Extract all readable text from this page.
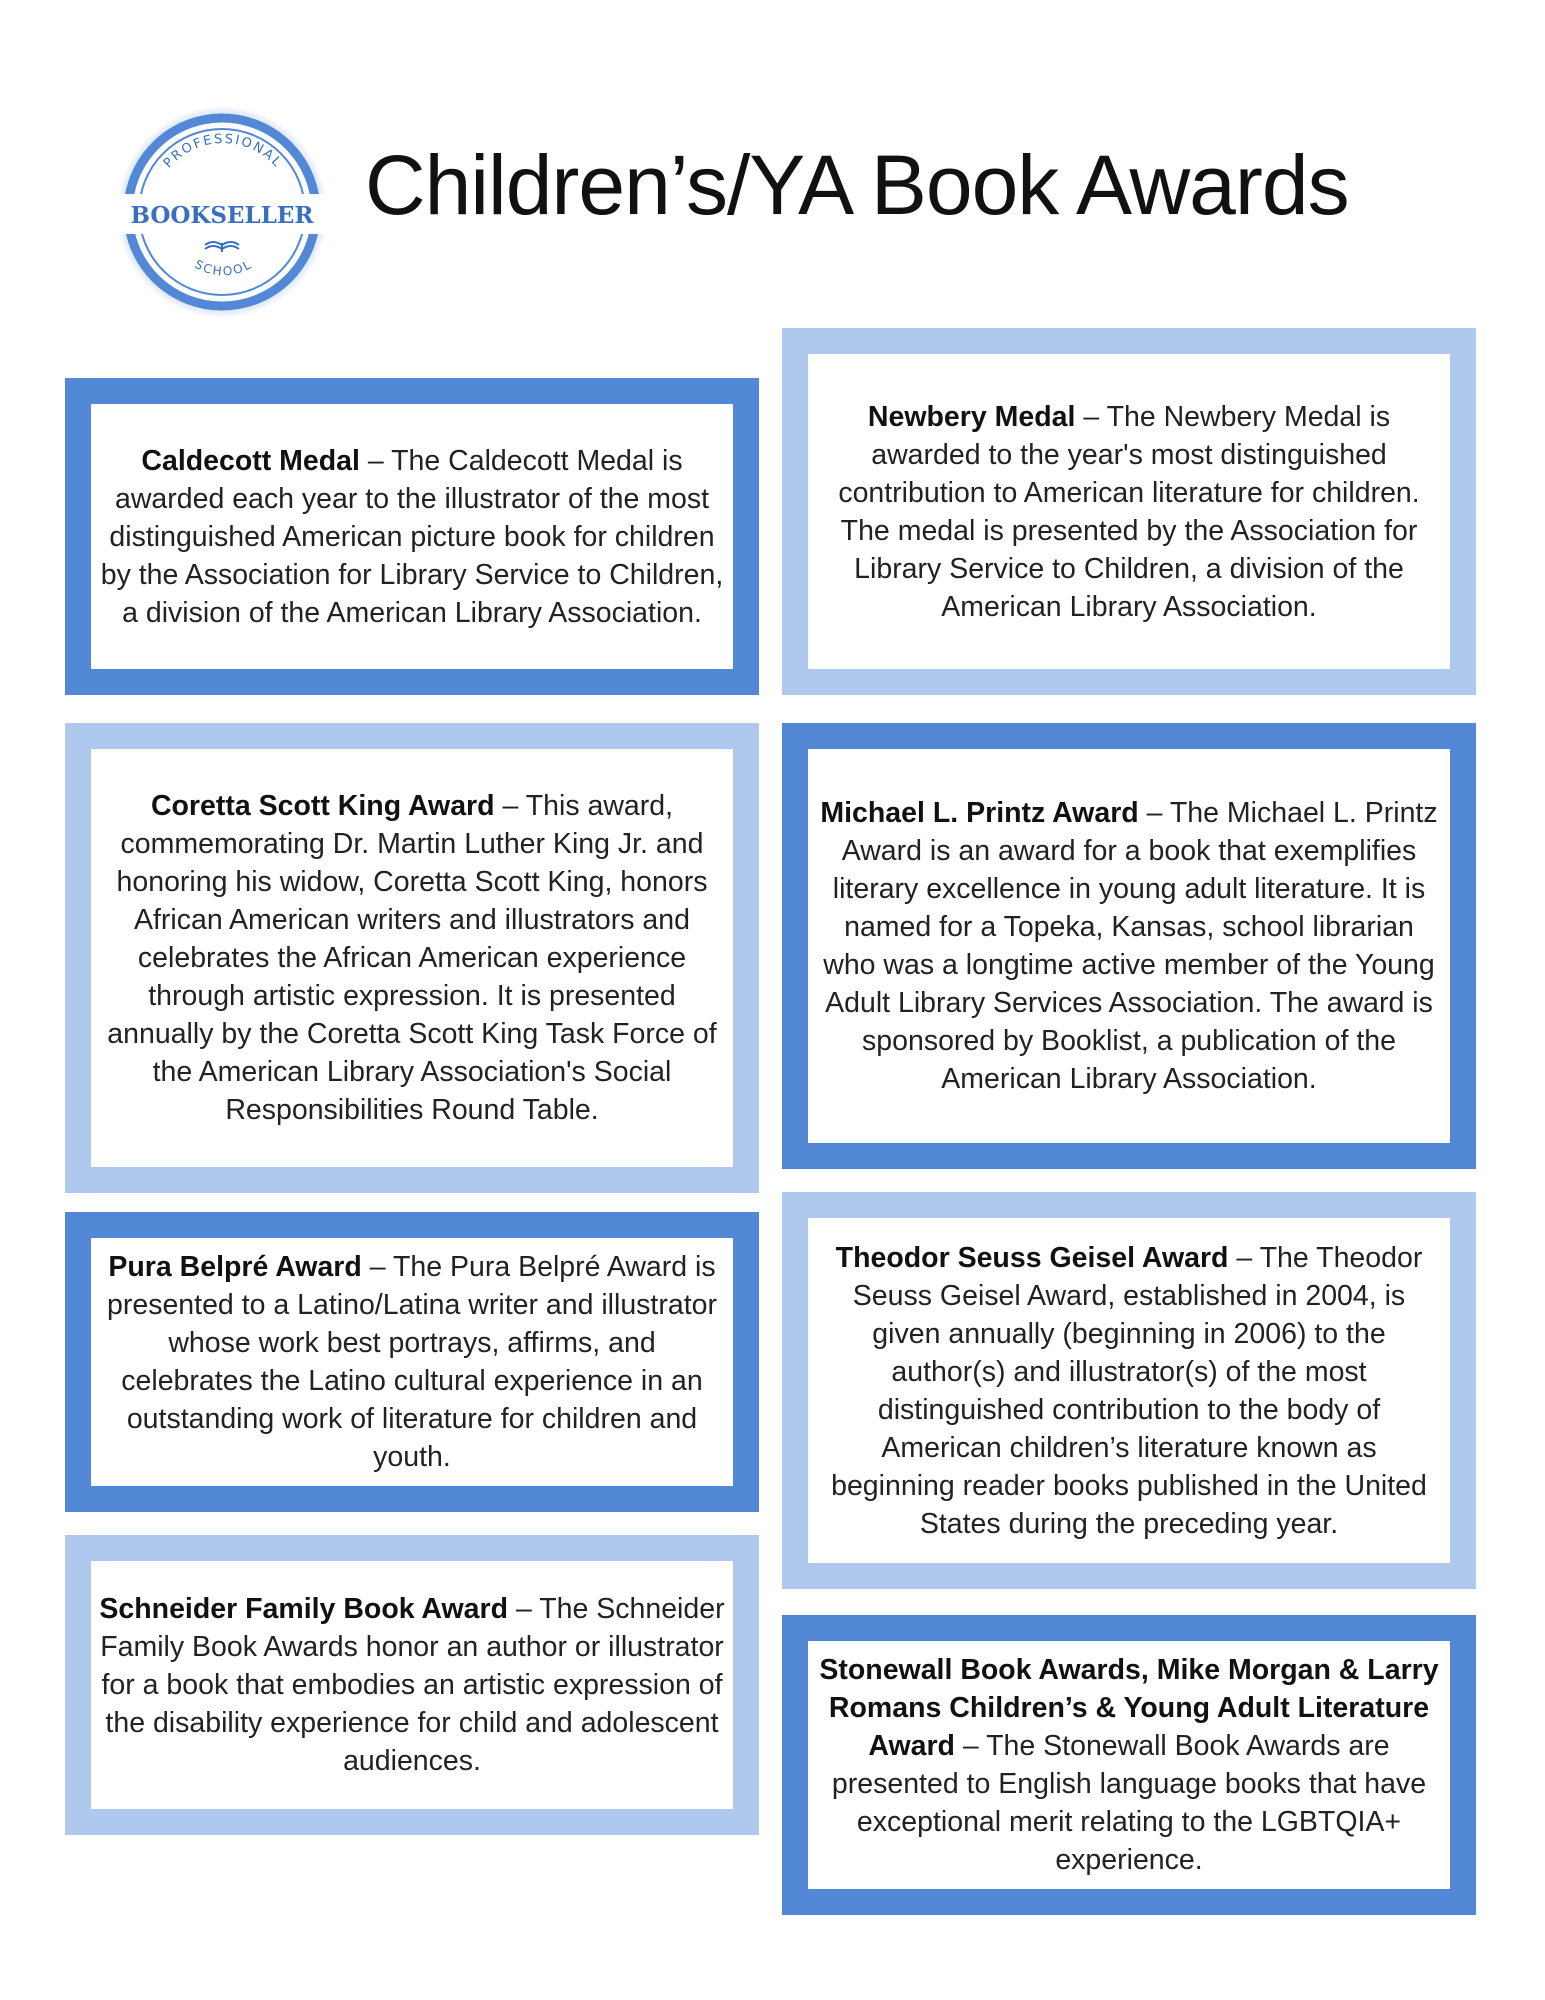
PROFESSIONAL
BOOKSELLER
SCHOOL
Children’s/YA Book Awards

Caldecott Medal – The Caldecott Medal is awarded each year to the illustrator of the most distinguished American picture book for children by the Association for Library Service to Children, a division of the American Library Association.

Coretta Scott King Award – This award, commemorating Dr. Martin Luther King Jr. and honoring his widow, Coretta Scott King, honors African American writers and illustrators and celebrates the African American experience through artistic expression. It is presented annually by the Coretta Scott King Task Force of the American Library Association's Social Responsibilities Round Table.

Pura Belpré Award – The Pura Belpré Award is presented to a Latino/Latina writer and illustrator whose work best portrays, affirms, and celebrates the Latino cultural experience in an outstanding work of literature for children and youth.

Schneider Family Book Award – The Schneider Family Book Awards honor an author or illustrator for a book that embodies an artistic expression of the disability experience for child and adolescent audiences.

Newbery Medal – The Newbery Medal is awarded to the year's most distinguished contribution to American literature for children. The medal is presented by the Association for Library Service to Children, a division of the American Library Association.

Michael L. Printz Award – The Michael L. Printz Award is an award for a book that exemplifies literary excellence in young adult literature. It is named for a Topeka, Kansas, school librarian who was a longtime active member of the Young Adult Library Services Association. The award is sponsored by Booklist, a publication of the American Library Association.

Theodor Seuss Geisel Award – The Theodor Seuss Geisel Award, established in 2004, is given annually (beginning in 2006) to the author(s) and illustrator(s) of the most distinguished contribution to the body of American children’s literature known as beginning reader books published in the United States during the preceding year.

Stonewall Book Awards, Mike Morgan & Larry Romans Children’s & Young Adult Literature Award – The Stonewall Book Awards are presented to English language books that have exceptional merit relating to the LGBTQIA+ experience.
